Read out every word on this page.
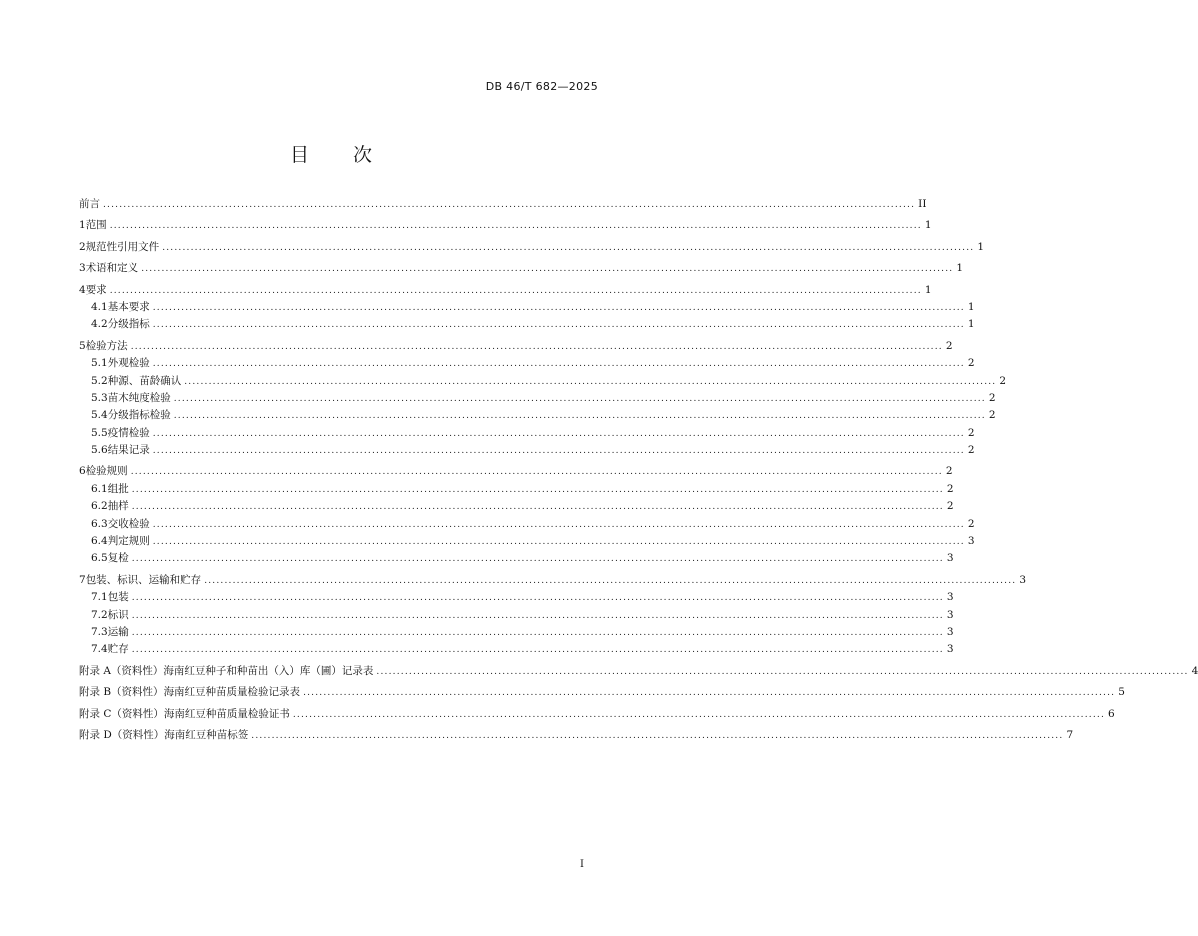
DB 46/T 682—2025
目 次
前言 ........................................................................................................................................................................................................ II
1 范围 ........................................................................................................................................................................................................ 1
2 规范性引用文件 ........................................................................................................................................................................................................ 1
3 术语和定义 ........................................................................................................................................................................................................ 1
4 要求 ........................................................................................................................................................................................................ 1
4.1 基本要求 ........................................................................................................................................................................................................ 1
4.2 分级指标 ........................................................................................................................................................................................................ 1
5 检验方法 ........................................................................................................................................................................................................ 2
5.1 外观检验 ........................................................................................................................................................................................................ 2
5.2 种源、苗龄确认 ........................................................................................................................................................................................................ 2
5.3 苗木纯度检验 ........................................................................................................................................................................................................ 2
5.4 分级指标检验 ........................................................................................................................................................................................................ 2
5.5 疫情检验 ........................................................................................................................................................................................................ 2
5.6 结果记录 ........................................................................................................................................................................................................ 2
6 检验规则 ........................................................................................................................................................................................................ 2
6.1 组批 ........................................................................................................................................................................................................ 2
6.2 抽样 ........................................................................................................................................................................................................ 2
6.3 交收检验 ........................................................................................................................................................................................................ 2
6.4 判定规则 ........................................................................................................................................................................................................ 3
6.5 复检 ........................................................................................................................................................................................................ 3
7 包装、标识、运输和贮存 ........................................................................................................................................................................................................ 3
7.1 包装 ........................................................................................................................................................................................................ 3
7.2 标识 ........................................................................................................................................................................................................ 3
7.3 运输 ........................................................................................................................................................................................................ 3
7.4 贮存 ........................................................................................................................................................................................................ 3
附录 A（资料性） 海南红豆种子和种苗出（入）库（圃）记录表 ........................................................................................................................................................................................................ 4
附录 B（资料性） 海南红豆种苗质量检验记录表 ........................................................................................................................................................................................................ 5
附录 C（资料性） 海南红豆种苗质量检验证书 ........................................................................................................................................................................................................ 6
附录 D（资料性） 海南红豆种苗标签 ........................................................................................................................................................................................................ 7
I
